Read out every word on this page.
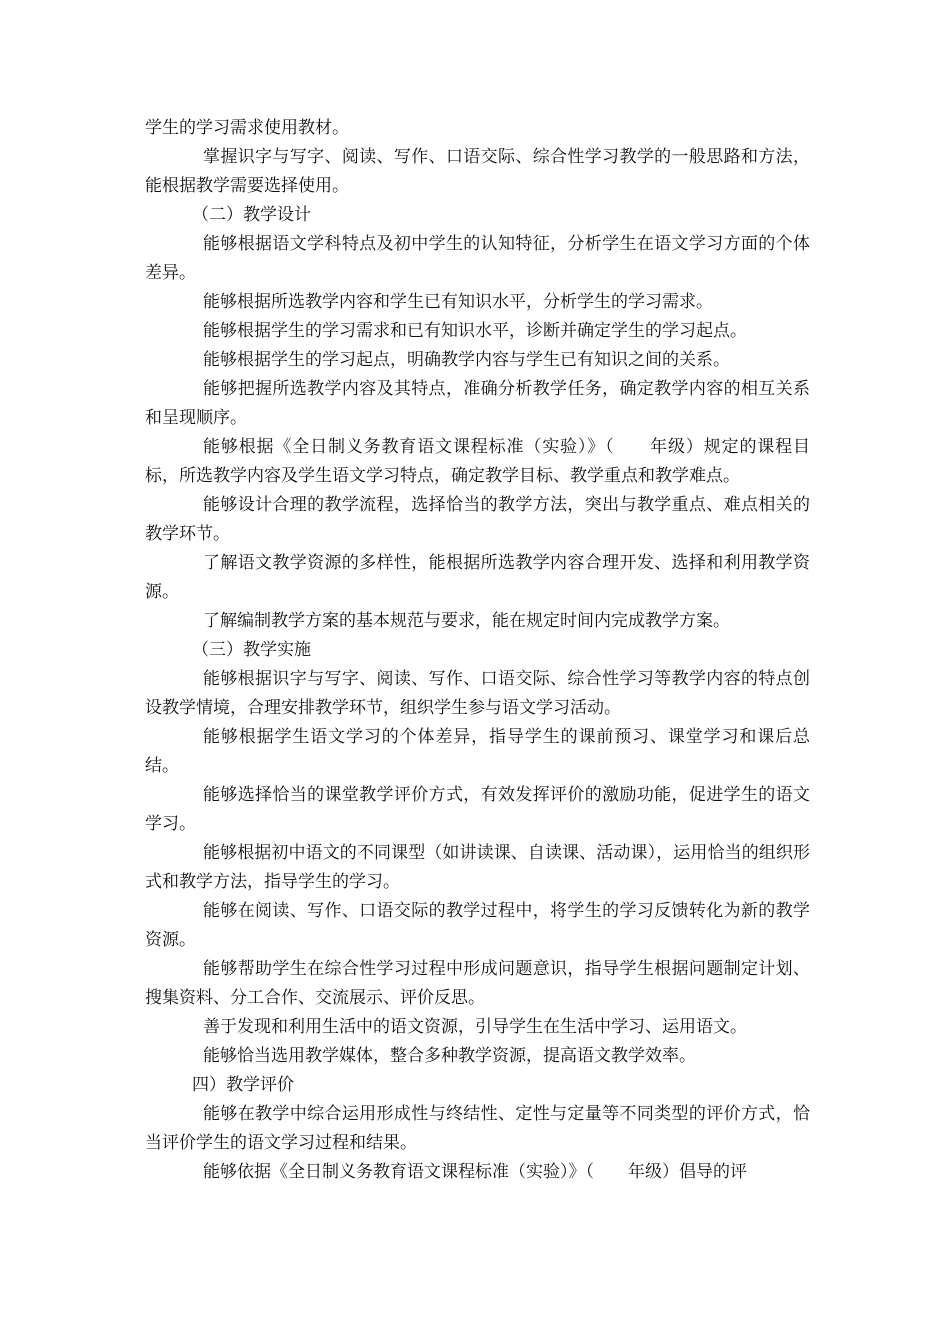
学生的学习需求使用教材。

掌握识字与写字、阅读、写作、口语交际、综合性学习教学的一般思路和方法，能根据教学需要选择使用。

（二）教学设计

能够根据语文学科特点及初中学生的认知特征，分析学生在语文学习方面的个体差异。

能够根据所选教学内容和学生已有知识水平，分析学生的学习需求。

能够根据学生的学习需求和已有知识水平，诊断并确定学生的学习起点。

能够根据学生的学习起点，明确教学内容与学生已有知识之间的关系。

能够把握所选教学内容及其特点，准确分析教学任务，确定教学内容的相互关系和呈现顺序。

能够根据《全日制义务教育语文课程标准（实验）》（　　年级）规定的课程目标，所选教学内容及学生语文学习特点，确定教学目标、教学重点和教学难点。

能够设计合理的教学流程，选择恰当的教学方法，突出与教学重点、难点相关的教学环节。

了解语文教学资源的多样性，能根据所选教学内容合理开发、选择和利用教学资源。

了解编制教学方案的基本规范与要求，能在规定时间内完成教学方案。

（三）教学实施

能够根据识字与写字、阅读、写作、口语交际、综合性学习等教学内容的特点创设教学情境，合理安排教学环节，组织学生参与语文学习活动。

能够根据学生语文学习的个体差异，指导学生的课前预习、课堂学习和课后总结。

能够选择恰当的课堂教学评价方式，有效发挥评价的激励功能，促进学生的语文学习。

能够根据初中语文的不同课型（如讲读课、自读课、活动课），运用恰当的组织形式和教学方法，指导学生的学习。

能够在阅读、写作、口语交际的教学过程中，将学生的学习反馈转化为新的教学资源。

能够帮助学生在综合性学习过程中形成问题意识，指导学生根据问题制定计划、搜集资料、分工合作、交流展示、评价反思。

善于发现和利用生活中的语文资源，引导学生在生活中学习、运用语文。

能够恰当选用教学媒体，整合多种教学资源，提高语文教学效率。

四）教学评价

能够在教学中综合运用形成性与终结性、定性与定量等不同类型的评价方式，恰当评价学生的语文学习过程和结果。

能够依据《全日制义务教育语文课程标准（实验）》（　　年级）倡导的评
